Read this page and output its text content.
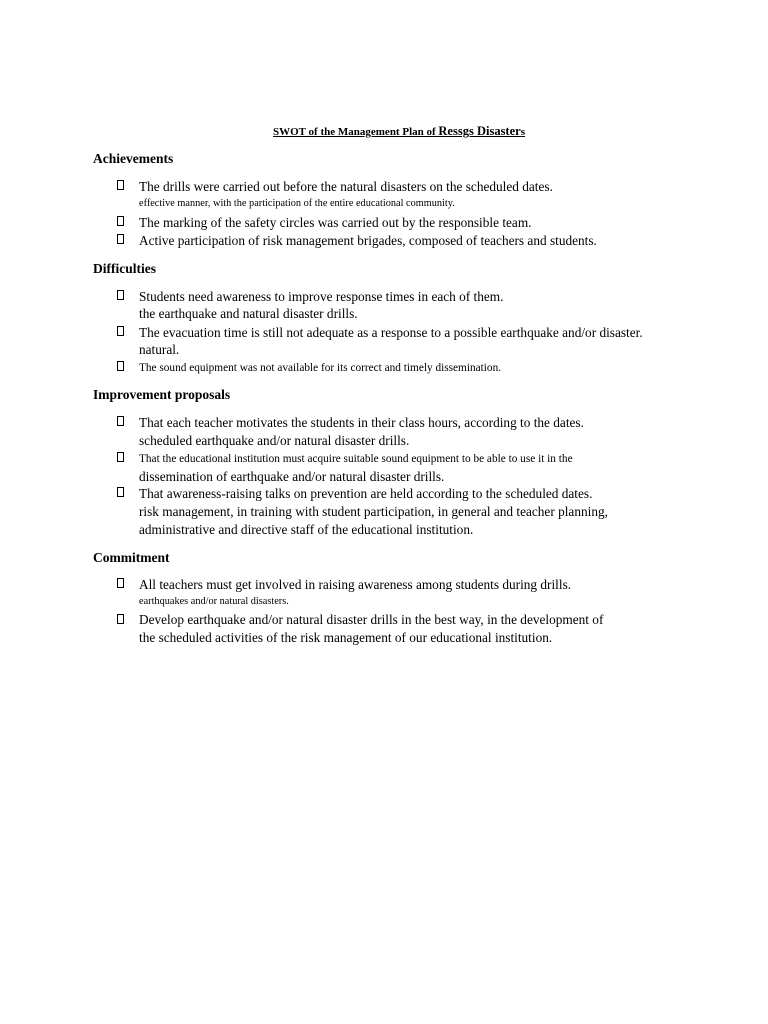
SWOT of the Management Plan of Ressgs Disasters
Achievements
The drills were carried out before the natural disasters on the scheduled dates.
effective manner, with the participation of the entire educational community.
The marking of the safety circles was carried out by the responsible team.
Active participation of risk management brigades, composed of teachers and students.
Difficulties
Students need awareness to improve response times in each of them.
the earthquake and natural disaster drills.
The evacuation time is still not adequate as a response to a possible earthquake and/or disaster.
natural.
The sound equipment was not available for its correct and timely dissemination.
Improvement proposals
That each teacher motivates the students in their class hours, according to the dates.
scheduled earthquake and/or natural disaster drills.
That the educational institution must acquire suitable sound equipment to be able to use it in the
dissemination of earthquake and/or natural disaster drills.
That awareness-raising talks on prevention are held according to the scheduled dates.
risk management, in training with student participation, in general and teacher planning,
administrative and directive staff of the educational institution.
Commitment
All teachers must get involved in raising awareness among students during drills.
earthquakes and/or natural disasters.
Develop earthquake and/or natural disaster drills in the best way, in the development of
the scheduled activities of the risk management of our educational institution.
